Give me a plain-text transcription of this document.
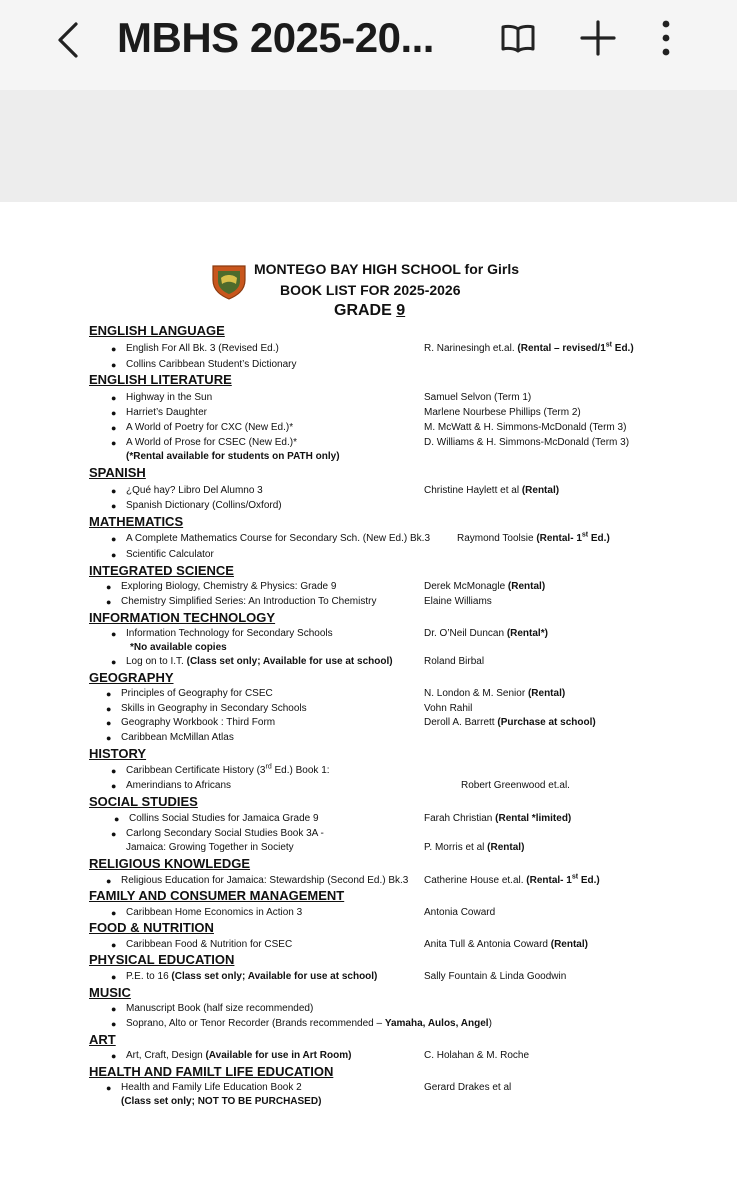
MBHS 2025-20...
MONTEGO BAY HIGH SCHOOL for Girls
BOOK LIST FOR 2025-2026
GRADE 9
ENGLISH LANGUAGE
● English For All Bk. 3 (Revised Ed.)	R. Narinesingh et.al. (Rental – revised/1st Ed.)
● Collins Caribbean Student’s Dictionary
ENGLISH LITERATURE
● Highway in the Sun	Samuel Selvon (Term 1)
● Harriet’s Daughter	Marlene Nourbese Phillips (Term 2)
● A World of Poetry for CXC (New Ed.)*	M. McWatt & H. Simmons-McDonald (Term 3)
● A World of Prose for CSEC (New Ed.)*	D. Williams & H. Simmons-McDonald (Term 3)
(*Rental available for students on PATH only)
SPANISH
● ¿Qué hay? Libro Del Alumno 3	Christine Haylett et al (Rental)
● Spanish Dictionary (Collins/Oxford)
MATHEMATICS
● A Complete Mathematics Course for Secondary Sch. (New Ed.) Bk.3	Raymond Toolsie (Rental- 1st Ed.)
● Scientific Calculator
INTEGRATED SCIENCE
● Exploring Biology, Chemistry & Physics: Grade 9	Derek McMonagle (Rental)
● Chemistry Simplified Series: An Introduction To Chemistry	Elaine Williams
INFORMATION TECHNOLOGY
● Information Technology for Secondary Schools	Dr. O’Neil Duncan (Rental*)
*No available copies
● Log on to I.T. (Class set only; Available for use at school)	Roland Birbal
GEOGRAPHY
● Principles of Geography for CSEC	N. London & M. Senior (Rental)
● Skills in Geography in Secondary Schools	Vohn Rahil
● Geography Workbook : Third Form	Deroll A. Barrett (Purchase at school)
● Caribbean McMillan Atlas
HISTORY
● Caribbean Certificate History (3rd Ed.) Book 1:
● Amerindians to Africans	Robert Greenwood et.al.
SOCIAL STUDIES
● Collins Social Studies for Jamaica Grade 9	Farah Christian (Rental *limited)
● Carlong Secondary Social Studies Book 3A -
Jamaica: Growing Together in Society	P. Morris et al (Rental)
RELIGIOUS KNOWLEDGE
● Religious Education for Jamaica: Stewardship (Second Ed.) Bk.3 Catherine House et.al. (Rental- 1st Ed.)
FAMILY AND CONSUMER MANAGEMENT
● Caribbean Home Economics in Action 3	Antonia Coward
FOOD & NUTRITION
● Caribbean Food & Nutrition for CSEC	Anita Tull & Antonia Coward (Rental)
PHYSICAL EDUCATION
● P.E. to 16 (Class set only; Available for use at school)	Sally Fountain & Linda Goodwin
MUSIC
● Manuscript Book (half size recommended)
● Soprano, Alto or Tenor Recorder (Brands recommended – Yamaha, Aulos, Angel)
ART
● Art, Craft, Design (Available for use in Art Room)	C. Holahan & M. Roche
HEALTH AND FAMILT LIFE EDUCATION
● Health and Family Life Education Book 2	Gerard Drakes et al
(Class set only; NOT TO BE PURCHASED)
